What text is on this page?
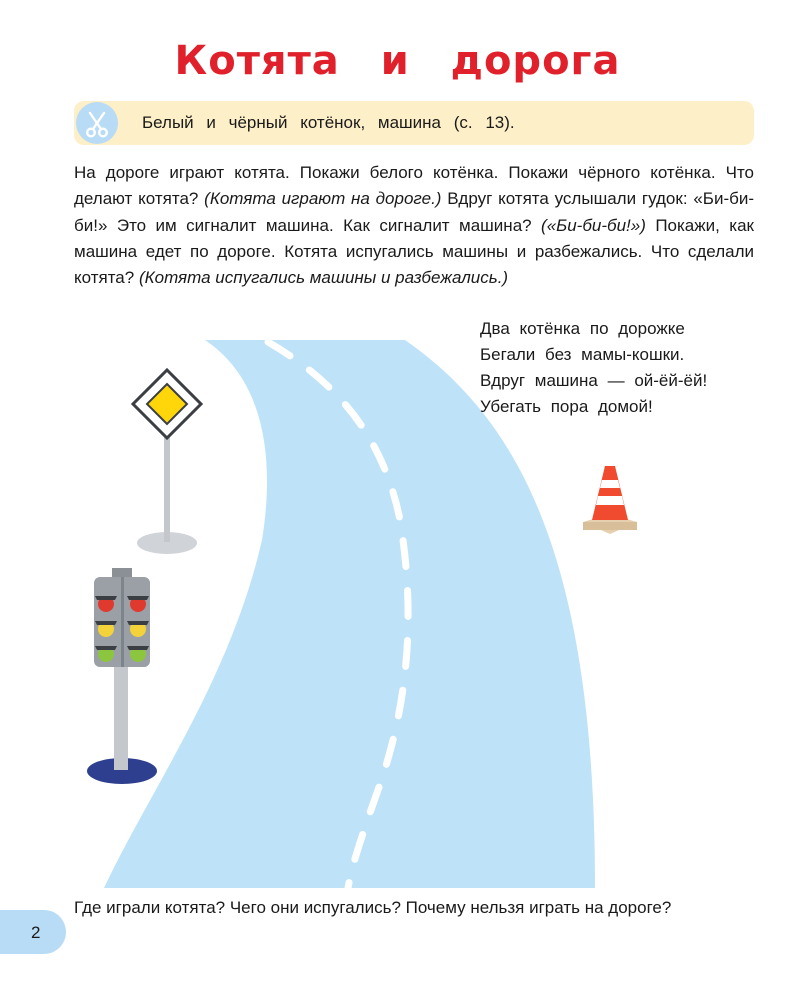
Котята и дорога
Белый и чёрный котёнок, машина (с. 13).
На дороге играют котята. Покажи белого котёнка. Покажи чёрного котёнка. Что делают котята? (Котята играют на дороге.) Вдруг котята услышали гудок: «Би-би-би!» Это им сигналит машина. Как сигналит машина? («Би-би-би!») Покажи, как машина едет по дороге. Котята испугались машины и разбежались. Что сделали котята? (Котята испугались машины и разбежались.)
Два котёнка по дорожке
Бегали без мамы-кошки.
Вдруг машина — ой-ёй-ёй!
Убегать пора домой!
Где играли котята? Чего они испугались? Почему нельзя играть на дороге?
2
